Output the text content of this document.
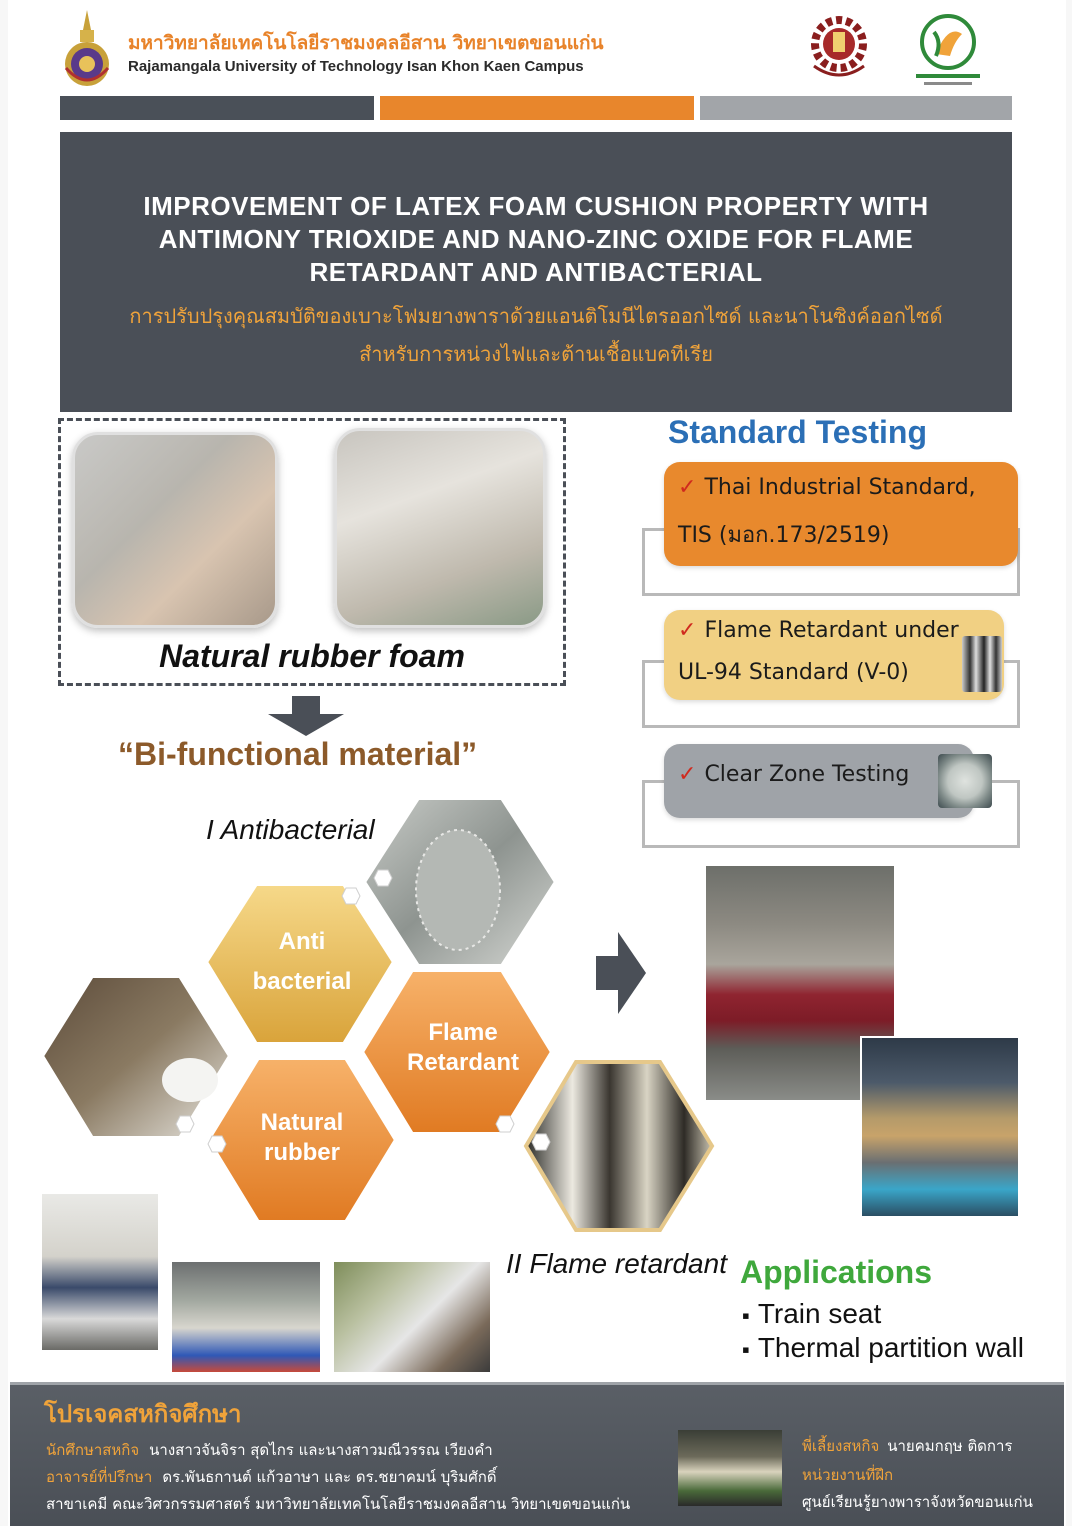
มหาวิทยาลัยเทคโนโลยีราชมงคลอีสาน วิทยาเขตขอนแก่น
Rajamangala University of Technology Isan Khon Kaen Campus
IMPROVEMENT OF LATEX FOAM CUSHION PROPERTY WITH ANTIMONY TRIOXIDE AND NANO-ZINC OXIDE FOR FLAME RETARDANT AND ANTIBACTERIAL
การปรับปรุงคุณสมบัติของเบาะโฟมยางพาราด้วยแอนติโมนีไตรออกไซด์ และนาโนซิงค์ออกไซด์
สำหรับการหน่วงไฟและต้านเชื้อแบคทีเรีย
Natural rubber foam
“Bi-functional material”
Standard Testing
✓ Thai Industrial Standard,
TIS (มอก.173/2519)
✓ Flame Retardant under
UL-94 Standard (V-0)
✓ Clear Zone Testing
I Antibacterial
Anti
bacterial
Flame
Retardant
Natural
rubber
II Flame retardant Applications
▪ Train seat
▪ Thermal partition wall
โปรเจคสหกิจศึกษา
นักศึกษาสหกิจ นางสาวจันจิรา สุดไกร และนางสาวมณีวรรณ เวียงคำ
อาจารย์ที่ปรึกษา ดร.พันธกานต์ แก้วอาษา และ ดร.ชยาคมน์ บุริมศักดิ์
สาขาเคมี คณะวิศวกรรมศาสตร์ มหาวิทยาลัยเทคโนโลยีราชมงคลอีสาน วิทยาเขตขอนแก่น
พี่เลี้ยงสหกิจ นายคมกฤษ ติดการ
หน่วยงานที่ฝึก
ศูนย์เรียนรู้ยางพาราจังหวัดขอนแก่น
